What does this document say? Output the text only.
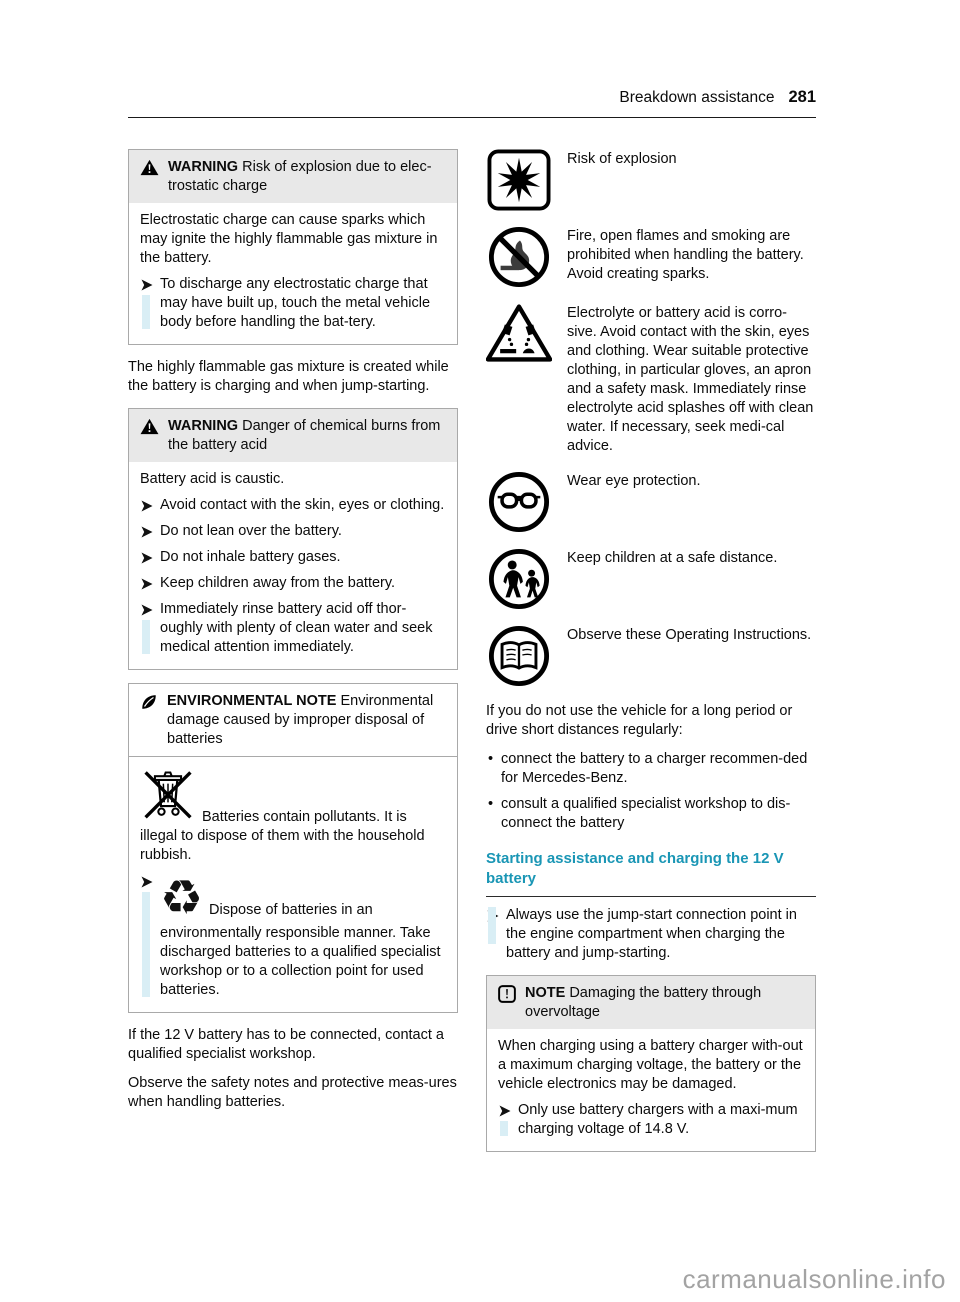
Breakdown assistance 281
WARNING Risk of explosion due to elec-trostatic charge

Electrostatic charge can cause sparks which may ignite the highly flammable gas mixture in the battery.

To discharge any electrostatic charge that may have built up, touch the metal vehicle body before handling the bat-tery.

The highly flammable gas mixture is created while the battery is charging and when jump-starting.

WARNING Danger of chemical burns from the battery acid

Battery acid is caustic.

Avoid contact with the skin, eyes or clothing.
Do not lean over the battery.
Do not inhale battery gases.
Keep children away from the battery.
Immediately rinse battery acid off thor-oughly with plenty of clean water and seek medical attention immediately.
ENVIRONMENTAL NOTE Environmental damage caused by improper disposal of batteries

Batteries contain pollutants. It is illegal to dispose of them with the household rubbish.

♻ Dispose of batteries in an environmentally responsible manner. Take discharged batteries to a qualified specialist workshop or to a collection point for used batteries.

If the 12 V battery has to be connected, contact a qualified specialist workshop.

Observe the safety notes and protective meas-ures when handling batteries.

Risk of explosion
Fire, open flames and smoking are prohibited when handling the battery. Avoid creating sparks.
Electrolyte or battery acid is corro-sive. Avoid contact with the skin, eyes and clothing. Wear suitable protective clothing, in particular gloves, an apron and a safety mask. Immediately rinse electrolyte acid splashes off with clean water. If necessary, seek medi-cal advice.
Wear eye protection.
Keep children at a safe distance.
Observe these Operating Instructions.

If you do not use the vehicle for a long period or drive short distances regularly:

• connect the battery to a charger recommen-ded for Mercedes-Benz.
• consult a qualified specialist workshop to dis-connect the battery
Starting assistance and charging the 12 V battery
Always use the jump-start connection point in the engine compartment when charging the battery and jump-starting.
NOTE Damaging the battery through overvoltage

When charging using a battery charger with-out a maximum charging voltage, the battery or the vehicle electronics may be damaged.

Only use battery chargers with a maxi-mum charging voltage of 14.8 V.
carmanualsonline.info
